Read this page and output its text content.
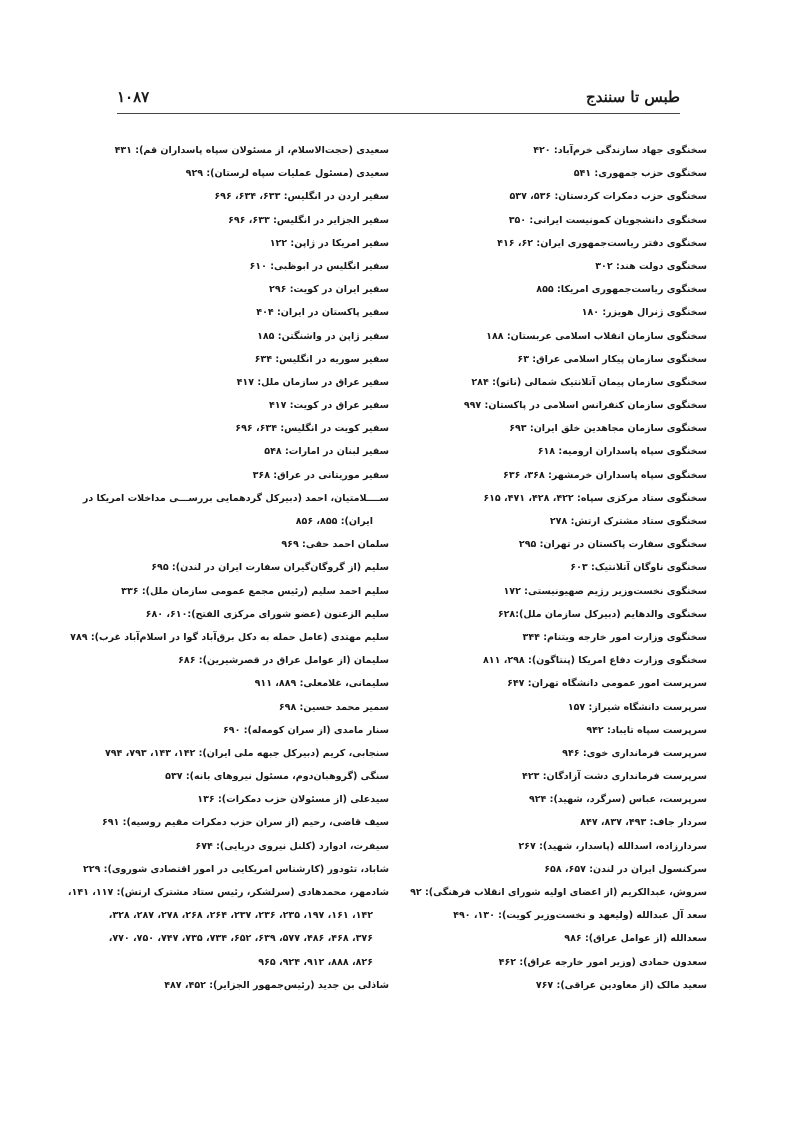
طبس تا سنندج
۱۰۸۷
سخنگوی جهاد سازندگی خرم‌آباد: ۴۲۰
سخنگوی حزب جمهوری: ۵۴۱
سخنگوی حزب دمکرات کردستان: ۵۳۶، ۵۳۷
سخنگوی دانشجویان کمونیست ایرانی: ۳۵۰
سخنگوی دفتر ریاست‌جمهوری ایران: ۶۲، ۴۱۶
سخنگوی دولت هند: ۳۰۲
سخنگوی ریاست‌جمهوری امریکا: ۸۵۵
سخنگوی ژنرال هویزر: ۱۸۰
سخنگوی سازمان انقلاب اسلامی عربستان: ۱۸۸
سخنگوی سازمان پیکار اسلامی عراق: ۶۳
سخنگوی سازمان پیمان آتلانتیک شمالی (ناتو): ۲۸۴
سخنگوی سازمان کنفرانس اسلامی در پاکستان: ۹۹۷
سخنگوی سازمان مجاهدین خلق ایران: ۶۹۳
سخنگوی سپاه پاسداران ارومیه: ۶۱۸
سخنگوی سپاه پاسداران خرمشهر: ۳۶۸، ۶۳۶
سخنگوی ستاد مرکزی سپاه: ۴۲۲، ۴۲۸، ۴۷۱، ۶۱۵
سخنگوی ستاد مشترک ارتش: ۲۷۸
سخنگوی سفارت پاکستان در تهران: ۲۹۵
سخنگوی ناوگان آتلانتیک: ۶۰۳
سخنگوی نخست‌وزیر رژیم صهیونیستی: ۱۷۲
سخنگوی والدهایم (دبیرکل سازمان ملل):۶۲۸
سخنگوی وزارت امور خارجه ویتنام: ۳۴۴
سخنگوی وزارت دفاع امریکا (پنتاگون): ۲۹۸، ۸۱۱
سرپرست امور عمومی دانشگاه تهران: ۶۴۷
سرپرست دانشگاه شیراز: ۱۵۷
سرپرست سپاه تایباد: ۹۴۲
سرپرست فرمانداری خوی: ۹۴۶
سرپرست فرمانداری دشت آزادگان: ۴۲۳
سرپرست، عباس (سرگرد، شهید): ۹۲۴
سردار جاف: ۴۹۳، ۸۳۷، ۸۴۷
سردارزاده، اسدالله (پاسدار، شهید): ۲۶۷
سرکنسول ایران در لندن: ۶۵۷، ۶۵۸
سروش، عبدالکریم (از اعضای اولیه شورای انقلاب فرهنگی): ۹۲
سعد آل عبدالله (ولیعهد و نخست‌وزیر کویت): ۱۳۰، ۴۹۰
سعدالله (از عوامل عراق): ۹۸۶
سعدون حمادی (وزیر امور خارجه عراق): ۴۶۲
سعید مالک (از معاودین عراقی): ۷۶۷
سعیدی (حجت‌الاسلام، از مسئولان سپاه پاسداران قم): ۴۳۱
سعیدی (مسئول عملیات سپاه لرستان): ۹۲۹
سفیر اردن در انگلیس: ۶۳۳، ۶۳۴، ۶۹۶
سفیر الجزایر در انگلیس: ۶۳۳، ۶۹۶
سفیر امریکا در ژاپن: ۱۲۲
سفیر انگلیس در ابوظبی: ۶۱۰
سفیر ایران در کویت: ۲۹۶
سفیر پاکستان در ایران: ۴۰۴
سفیر ژاپن در واشنگتن: ۱۸۵
سفیر سوریه در انگلیس: ۶۳۴
سفیر عراق در سازمان ملل: ۴۱۷
سفیر عراق در کویت: ۴۱۷
سفیر کویت در انگلیس: ۶۳۴، ۶۹۶
سفیر لبنان در امارات: ۵۴۸
سفیر موریتانی در عراق: ۳۶۸
ســــلامتیان، احمد (دبیرکل گردهمایی بررســـی مداخلات امریکا در
ایران): ۸۵۵، ۸۵۶
سلمان احمد حقی: ۹۶۹
سلیم (از گروگان‌گیران سفارت ایران در لندن): ۶۹۵
سلیم احمد سلیم (رئیس مجمع عمومی سازمان ملل): ۳۳۶
سلیم الزعنون (عضو شورای مرکزی الفتح):۶۱۰، ۶۸۰
سلیم مهتدی (عامل حمله به دکل برق‌آباد گوا در اسلام‌آباد غرب): ۷۸۹
سلیمان (از عوامل عراق در قصرشیرین): ۶۸۶
سلیمانی، غلامعلی: ۸۸۹، ۹۱۱
سمیر محمد حسین: ۶۹۸
سنار مامدی (از سران کومه‌له): ۶۹۰
سنجابی، کریم (دبیرکل جبهه ملی ایران): ۱۴۲، ۱۴۳، ۷۹۳، ۷۹۴
سنگی (گروهبان‌دوم، مسئول نیروهای بانه): ۵۳۷
سیدعلی (از مسئولان حزب دمکرات): ۱۳۶
سیف قاضی، رحیم (از سران حزب دمکرات مقیم روسیه): ۶۹۱
سیفرت، ادوارد (کلنل نیروی دریایی): ۶۷۴
شاباد، تئودور (کارشناس امریکایی در امور اقتصادی شوروی): ۲۲۹
شادمهر، محمدهادی (سرلشکر، رئیس ستاد مشترک ارتش): ۱۱۷، ۱۴۱،
۱۴۲، ۱۶۱، ۱۹۷، ۲۳۵، ۲۳۶، ۲۳۷، ۲۶۴، ۲۶۸، ۲۷۸، ۲۸۷، ۳۲۸،
۳۷۶، ۴۶۸، ۴۸۶، ۵۷۷، ۶۳۹، ۶۵۲، ۷۳۴، ۷۳۵، ۷۴۷، ۷۵۰، ۷۷۰،
۸۲۶، ۸۸۸، ۹۱۲، ۹۲۴، ۹۶۵
شاذلی بن جدید (رئیس‌جمهور الجزایر): ۴۵۲، ۴۸۷
